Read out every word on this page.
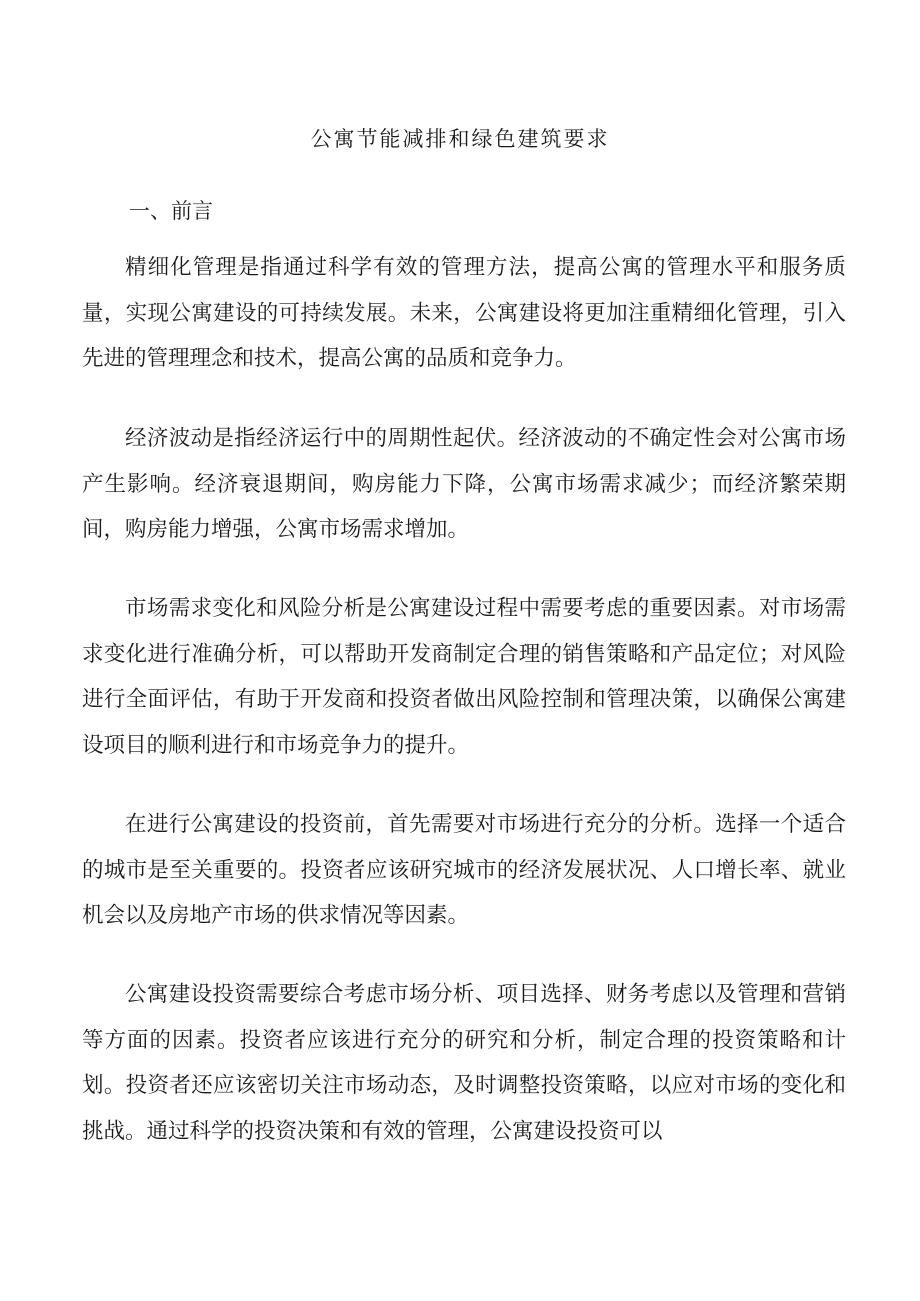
公寓节能减排和绿色建筑要求
一、前言

精细化管理是指通过科学有效的管理方法，提高公寓的管理水平和服务质量，实现公寓建设的可持续发展。未来，公寓建设将更加注重精细化管理，引入先进的管理理念和技术，提高公寓的品质和竞争力。

经济波动是指经济运行中的周期性起伏。经济波动的不确定性会对公寓市场产生影响。经济衰退期间，购房能力下降，公寓市场需求减少；而经济繁荣期间，购房能力增强，公寓市场需求增加。

市场需求变化和风险分析是公寓建设过程中需要考虑的重要因素。对市场需求变化进行准确分析，可以帮助开发商制定合理的销售策略和产品定位；对风险进行全面评估，有助于开发商和投资者做出风险控制和管理决策，以确保公寓建设项目的顺利进行和市场竞争力的提升。

在进行公寓建设的投资前，首先需要对市场进行充分的分析。选择一个适合的城市是至关重要的。投资者应该研究城市的经济发展状况、人口增长率、就业机会以及房地产市场的供求情况等因素。

公寓建设投资需要综合考虑市场分析、项目选择、财务考虑以及管理和营销等方面的因素。投资者应该进行充分的研究和分析，制定合理的投资策略和计划。投资者还应该密切关注市场动态，及时调整投资策略，以应对市场的变化和挑战。通过科学的投资决策和有效的管理，公寓建设投资可以
